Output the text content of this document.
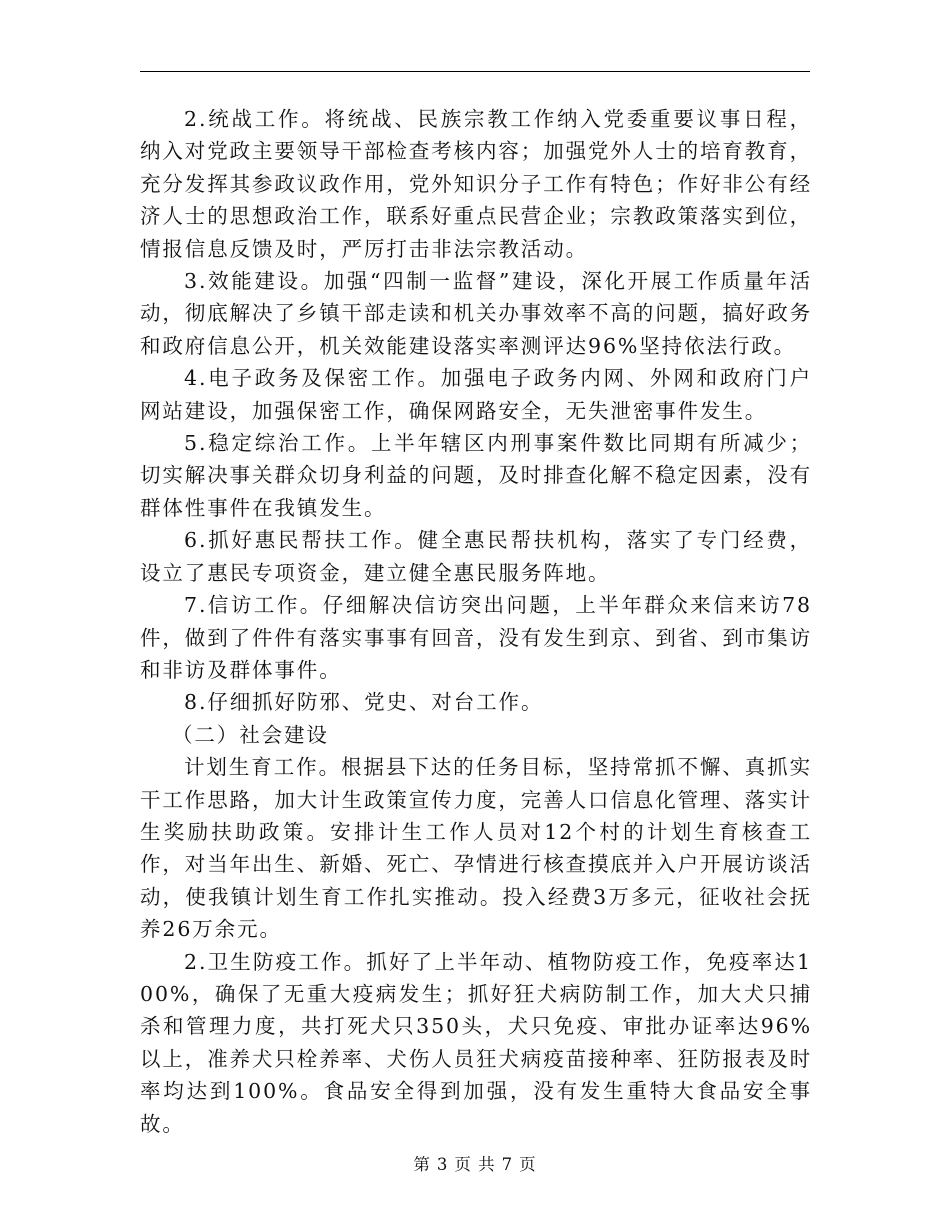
2.统战工作。将统战、民族宗教工作纳入党委重要议事日程，纳入对党政主要领导干部检查考核内容；加强党外人士的培育教育，充分发挥其参政议政作用，党外知识分子工作有特色；作好非公有经济人士的思想政治工作，联系好重点民营企业；宗教政策落实到位，情报信息反馈及时，严厉打击非法宗教活动。

3.效能建设。加强“四制一监督”建设，深化开展工作质量年活动，彻底解决了乡镇干部走读和机关办事效率不高的问题，搞好政务和政府信息公开，机关效能建设落实率测评达96%坚持依法行政。

4.电子政务及保密工作。加强电子政务内网、外网和政府门户网站建设，加强保密工作，确保网路安全，无失泄密事件发生。

5.稳定综治工作。上半年辖区内刑事案件数比同期有所减少；切实解决事关群众切身利益的问题，及时排查化解不稳定因素，没有群体性事件在我镇发生。

6.抓好惠民帮扶工作。健全惠民帮扶机构，落实了专门经费，设立了惠民专项资金，建立健全惠民服务阵地。

7.信访工作。仔细解决信访突出问题，上半年群众来信来访78件，做到了件件有落实事事有回音，没有发生到京、到省、到市集访和非访及群体事件。

8.仔细抓好防邪、党史、对台工作。

（二）社会建设

计划生育工作。根据县下达的任务目标，坚持常抓不懈、真抓实干工作思路，加大计生政策宣传力度，完善人口信息化管理、落实计生奖励扶助政策。安排计生工作人员对12个村的计划生育核查工作，对当年出生、新婚、死亡、孕情进行核查摸底并入户开展访谈活动，使我镇计划生育工作扎实推动。投入经费3万多元，征收社会抚养26万余元。

2.卫生防疫工作。抓好了上半年动、植物防疫工作，免疫率达100%，确保了无重大疫病发生；抓好狂犬病防制工作，加大犬只捕杀和管理力度，共打死犬只350头，犬只免疫、审批办证率达96%以上，准养犬只栓养率、犬伤人员狂犬病疫苗接种率、狂防报表及时率均达到100%。食品安全得到加强，没有发生重特大食品安全事故。

第 3 页 共 7 页
